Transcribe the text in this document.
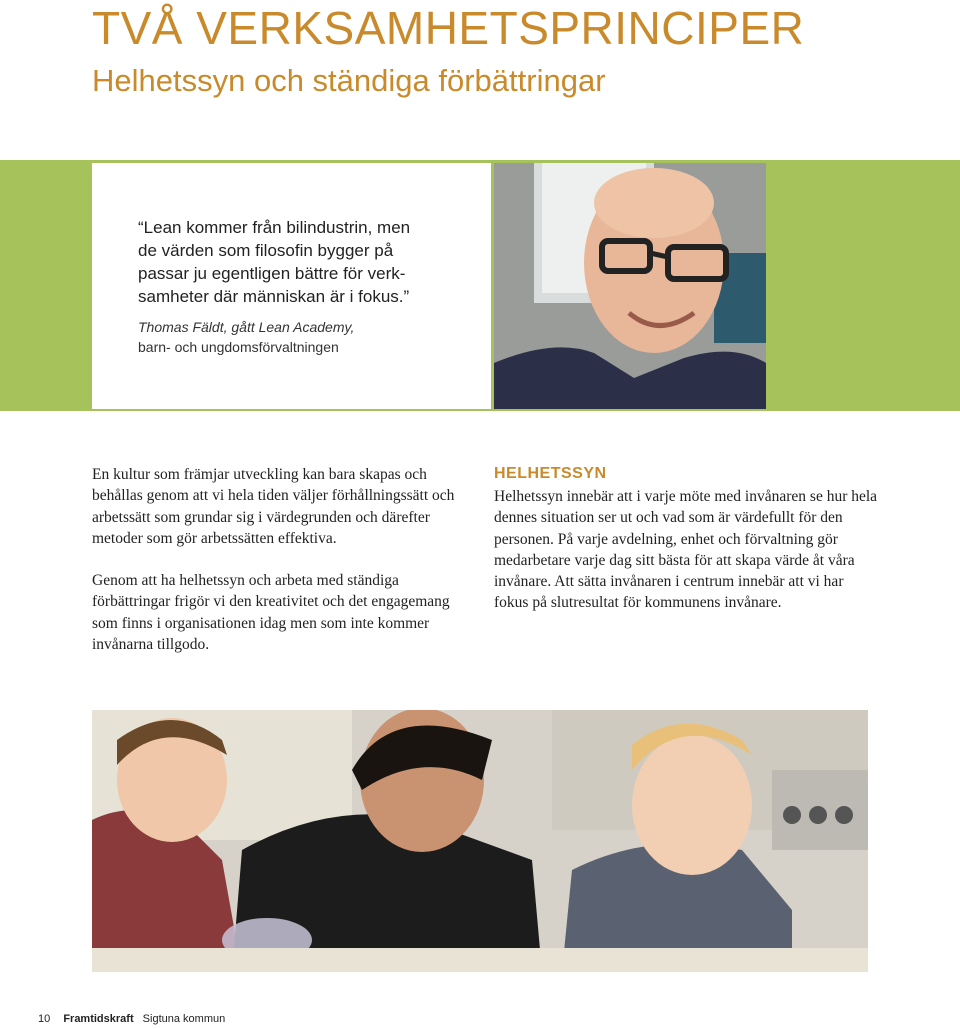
TVÅ VERKSAMHETSPRINCIPER
Helhetssyn och ständiga förbättringar

“Lean kommer från bilindustrin, men
de värden som filosofin bygger på
passar ju egentligen bättre för verk-
samheter där människan är i fokus.”

Thomas Fäldt, gått Lean Academy,
barn- och ungdomsförvaltningen

En kultur som främjar utveckling kan bara skapas och behållas genom att vi hela tiden väljer förhållningssätt och arbetssätt som grundar sig i värdegrunden och därefter metoder som gör arbetssätten effektiva.

Genom att ha helhetssyn och arbeta med ständiga förbättringar frigör vi den kreativitet och det engagemang som finns i organisationen idag men som inte kommer invånarna tillgodo.

HELHETSSYN

Helhetssyn innebär att i varje möte med invånaren se hur hela dennes situation ser ut och vad som är värdefullt för den personen. På varje avdelning, enhet och förvaltning gör medarbetare varje dag sitt bästa för att skapa värde åt våra invånare. Att sätta invånaren i centrum innebär att vi har fokus på slutresultat för kommunens invånare.

10 Framtidskraft Sigtuna kommun
